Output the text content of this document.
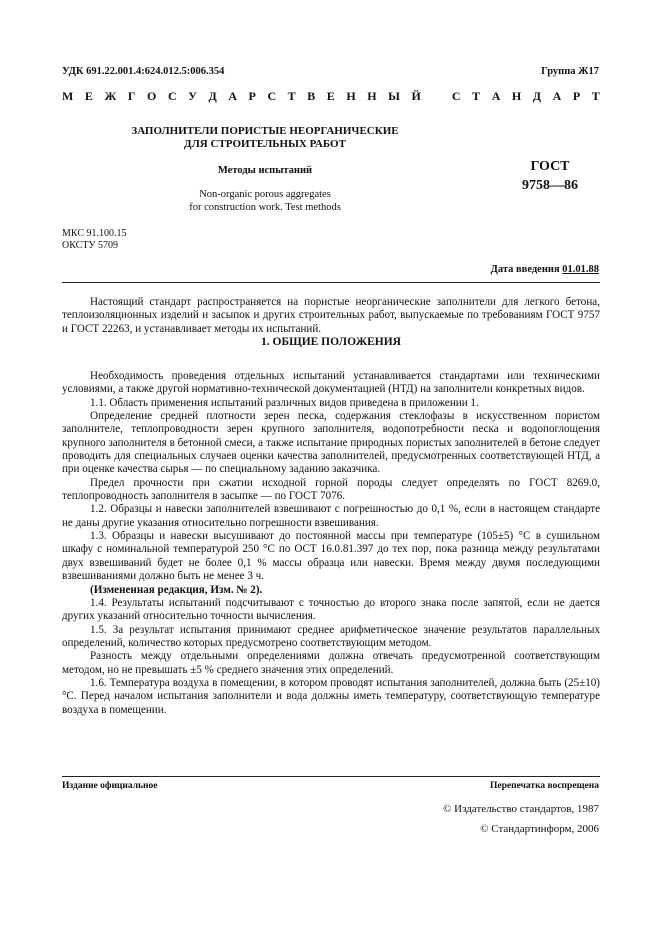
УДК 691.22.001.4:624.012.5:006.354	Группа Ж17
М Е Ж Г О С У Д А Р С Т В Е Н Н Ы Й	С Т А Н Д А Р Т
ЗАПОЛНИТЕЛИ ПОРИСТЫЕ НЕОРГАНИЧЕСКИЕ
ДЛЯ СТРОИТЕЛЬНЫХ РАБОТ
Методы испытаний
Non-organic porous aggregates
for construction work. Test methods
ГОСТ
9758—86
МКС 91.100.15
ОКСТУ 5709
Дата введения 01.01.88

Настоящий стандарт распространяется на пористые неорганические заполнители для легкого бетона, теплоизоляционных изделий и засыпок и других строительных работ, выпускаемые по требованиям ГОСТ 9757 и ГОСТ 22263, и устанавливает методы их испытаний.

1. ОБЩИЕ ПОЛОЖЕНИЯ

Необходимость проведения отдельных испытаний устанавливается стандартами или техническими условиями, а также другой нормативно-технической документацией (НТД) на заполнители конкретных видов.

1.1. Область применения испытаний различных видов приведена в приложении 1.

Определение средней плотности зерен песка, содержания стеклофазы в искусственном пористом заполнителе, теплопроводности зерен крупного заполнителя, водопотребности песка и водопоглощения крупного заполнителя в бетонной смеси, а также испытание природных пористых заполнителей в бетоне следует проводить для специальных случаев оценки качества заполнителей, предусмотренных соответствующей НТД, а при оценке качества сырья — по специальному заданию заказчика.

Предел прочности при сжатии исходной горной породы следует определять по ГОСТ 8269.0, теплопроводность заполнителя в засыпке — по ГОСТ 7076.

1.2. Образцы и навески заполнителей взвешивают с погрешностью до 0,1 %, если в настоящем стандарте не даны другие указания относительно погрешности взвешивания.

1.3. Образцы и навески высушивают до постоянной массы при температуре (105±5) °С в сушильном шкафу с номинальной температурой 250 °С по ОСТ 16.0.81.397 до тех пор, пока разница между результатами двух взвешиваний будет не более 0,1 % массы образца или навески. Время между двумя последующими взвешиваниями должно быть не менее 3 ч.

(Измененная редакция, Изм. № 2).

1.4. Результаты испытаний подсчитывают с точностью до второго знака после запятой, если не дается других указаний относительно точности вычисления.

1.5. За результат испытания принимают среднее арифметическое значение результатов параллельных определений, количество которых предусмотрено соответствующим методом.

Разность между отдельными определениями должна отвечать предусмотренной соответствующим методом, но не превышать ±5 % среднего значения этих определений.

1.6. Температура воздуха в помещении, в котором проводят испытания заполнителей, должна быть (25±10) °С. Перед началом испытания заполнители и вода должны иметь температуру, соответствующую температуре воздуха в помещении.

Издание официальное	Перепечатка воспрещена
© Издательство стандартов, 1987
© Стандартинформ, 2006
